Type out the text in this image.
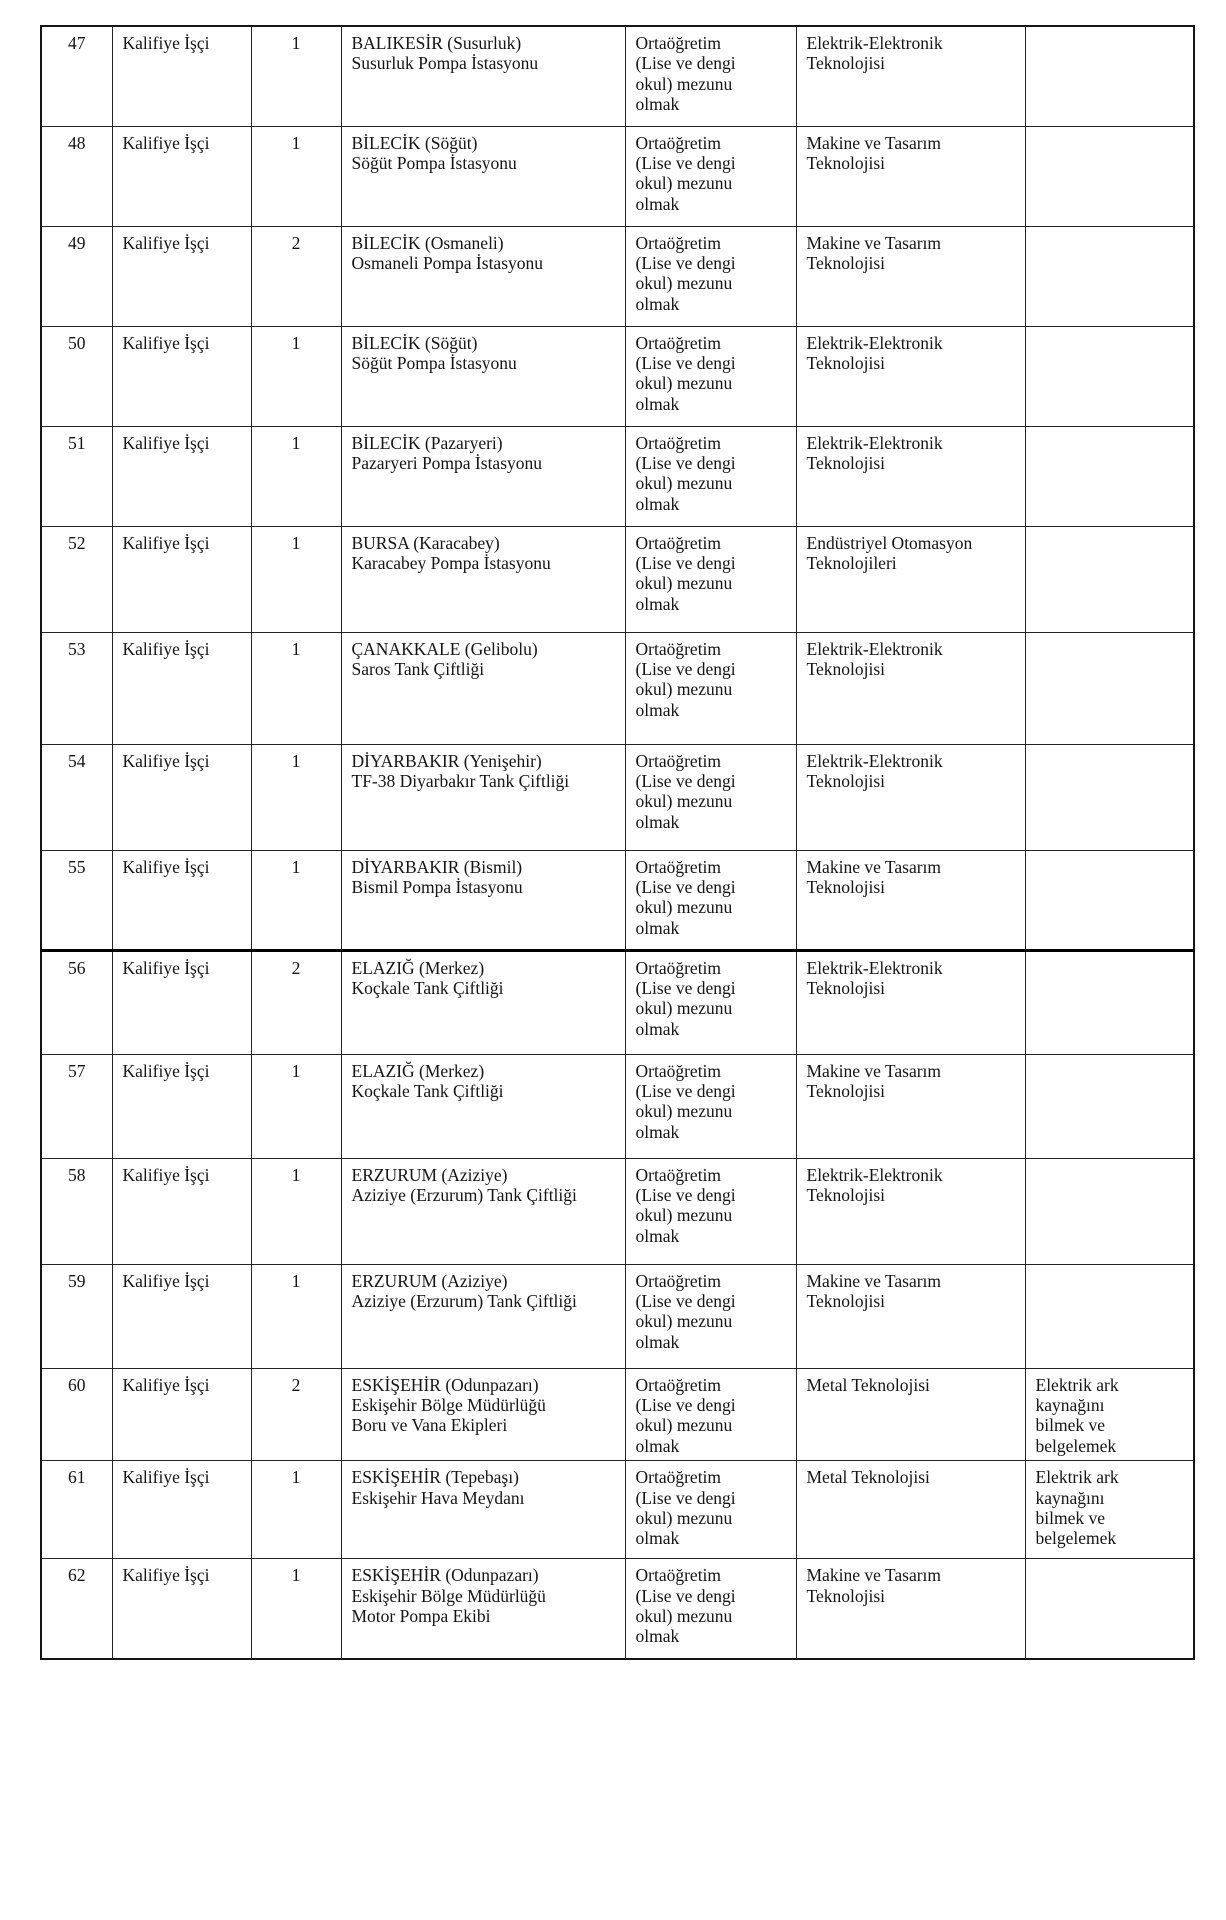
47	Kalifiye İşçi	1	BALIKESİR (Susurluk)
Susurluk Pompa İstasyonu	Ortaöğretim (Lise ve dengi okul) mezunu olmak	Elektrik-Elektronik Teknolojisi	

48	Kalifiye İşçi	1	BİLECİK (Söğüt)
Söğüt Pompa İstasyonu	Ortaöğretim (Lise ve dengi okul) mezunu olmak	Makine ve Tasarım Teknolojisi	

49	Kalifiye İşçi	2	BİLECİK (Osmaneli)
Osmaneli Pompa İstasyonu	Ortaöğretim (Lise ve dengi okul) mezunu olmak	Makine ve Tasarım Teknolojisi	

50	Kalifiye İşçi	1	BİLECİK (Söğüt)
Söğüt Pompa İstasyonu	Ortaöğretim (Lise ve dengi okul) mezunu olmak	Elektrik-Elektronik Teknolojisi	

51	Kalifiye İşçi	1	BİLECİK (Pazaryeri)
Pazaryeri Pompa İstasyonu	Ortaöğretim (Lise ve dengi okul) mezunu olmak	Elektrik-Elektronik Teknolojisi	

52	Kalifiye İşçi	1	BURSA (Karacabey)
Karacabey Pompa İstasyonu	Ortaöğretim (Lise ve dengi okul) mezunu olmak	Endüstriyel Otomasyon Teknolojileri	

53	Kalifiye İşçi	1	ÇANAKKALE (Gelibolu)
Saros Tank Çiftliği	Ortaöğretim (Lise ve dengi okul) mezunu olmak	Elektrik-Elektronik Teknolojisi	

54	Kalifiye İşçi	1	DİYARBAKIR (Yenişehir)
TF-38 Diyarbakır Tank Çiftliği	Ortaöğretim (Lise ve dengi okul) mezunu olmak	Elektrik-Elektronik Teknolojisi	

55	Kalifiye İşçi	1	DİYARBAKIR (Bismil)
Bismil Pompa İstasyonu	Ortaöğretim (Lise ve dengi okul) mezunu olmak	Makine ve Tasarım Teknolojisi	

56	Kalifiye İşçi	2	ELAZIĞ (Merkez)
Koçkale Tank Çiftliği	Ortaöğretim (Lise ve dengi okul) mezunu olmak	Elektrik-Elektronik Teknolojisi	

57	Kalifiye İşçi	1	ELAZIĞ (Merkez)
Koçkale Tank Çiftliği	Ortaöğretim (Lise ve dengi okul) mezunu olmak	Makine ve Tasarım Teknolojisi	

58	Kalifiye İşçi	1	ERZURUM (Aziziye)
Aziziye (Erzurum) Tank Çiftliği	Ortaöğretim (Lise ve dengi okul) mezunu olmak	Elektrik-Elektronik Teknolojisi	

59	Kalifiye İşçi	1	ERZURUM (Aziziye)
Aziziye (Erzurum) Tank Çiftliği	Ortaöğretim (Lise ve dengi okul) mezunu olmak	Makine ve Tasarım Teknolojisi	

60	Kalifiye İşçi	2	ESKİŞEHİR (Odunpazarı)
Eskişehir Bölge Müdürlüğü Boru ve Vana Ekipleri	Ortaöğretim (Lise ve dengi okul) mezunu olmak	Metal Teknolojisi	Elektrik ark kaynağını bilmek ve belgelemek

61	Kalifiye İşçi	1	ESKİŞEHİR (Tepebaşı)
Eskişehir Hava Meydanı	Ortaöğretim (Lise ve dengi okul) mezunu olmak	Metal Teknolojisi	Elektrik ark kaynağını bilmek ve belgelemek

62	Kalifiye İşçi	1	ESKİŞEHİR (Odunpazarı)
Eskişehir Bölge Müdürlüğü Motor Pompa Ekibi	Ortaöğretim (Lise ve dengi okul) mezunu olmak	Makine ve Tasarım Teknolojisi	
